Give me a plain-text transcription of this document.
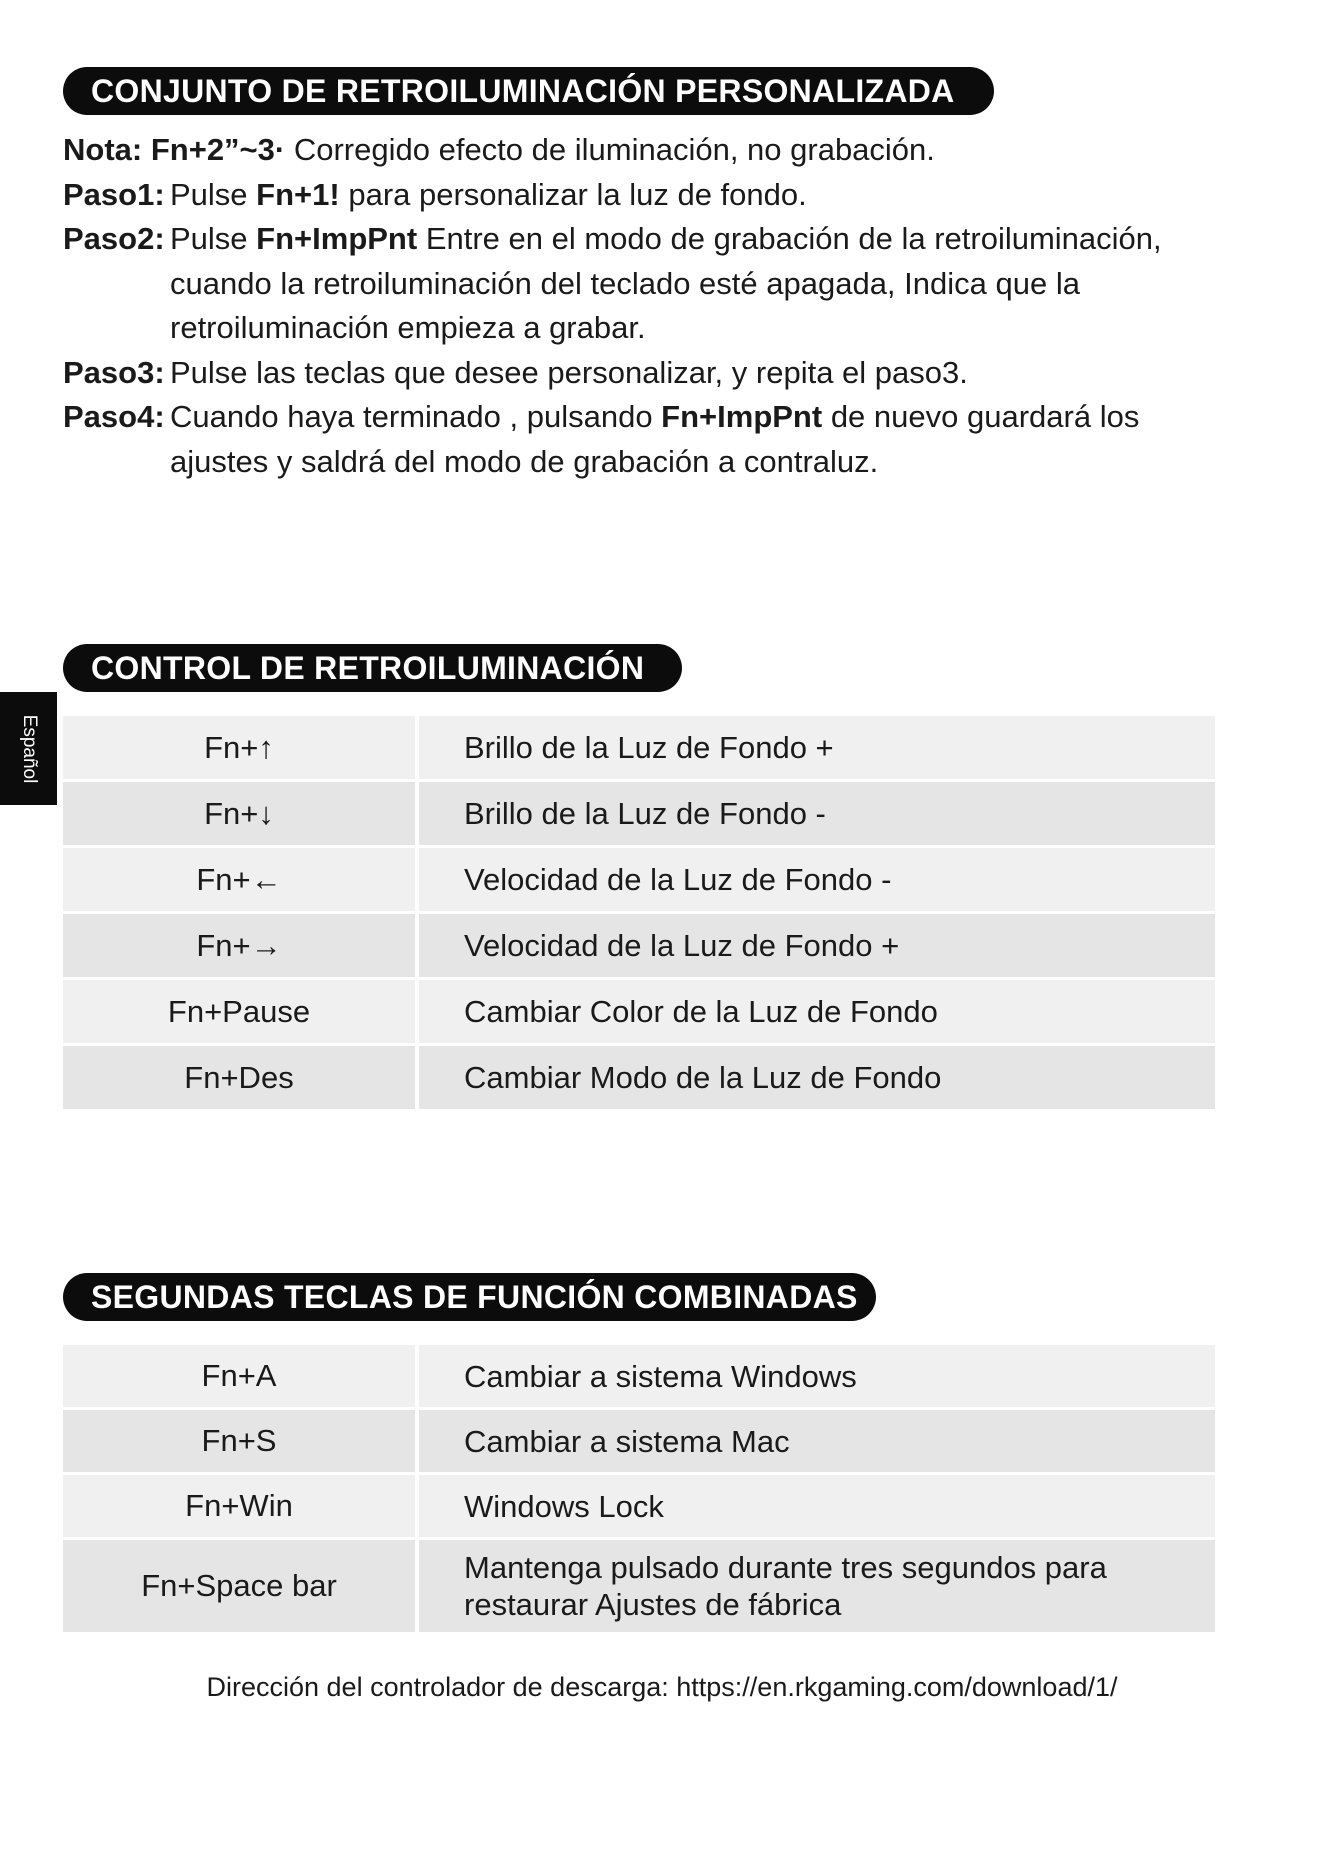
CONJUNTO DE RETROILUMINACIÓN PERSONALIZADA
Nota: Fn+2”~3· Corregido efecto de iluminación, no grabación.
Paso1: Pulse Fn+1! para personalizar la luz de fondo.
Paso2: Pulse Fn+ImpPnt Entre en el modo de grabación de la retroiluminación,
cuando la retroiluminación del teclado esté apagada, Indica que la
retroiluminación empieza a grabar.
Paso3: Pulse las teclas que desee personalizar, y repita el paso3.
Paso4: Cuando haya terminado , pulsando Fn+ImpPnt de nuevo guardará los
ajustes y saldrá del modo de grabación a contraluz.
Español
CONTROL DE RETROILUMINACIÓN
Fn+↑	Brillo de la Luz de Fondo +
Fn+↓	Brillo de la Luz de Fondo -
Fn+←	Velocidad de la Luz de Fondo -
Fn+→	Velocidad de la Luz de Fondo +
Fn+Pause	Cambiar Color de la Luz de Fondo
Fn+Des	Cambiar Modo de la Luz de Fondo
SEGUNDAS TECLAS DE FUNCIÓN COMBINADAS
Fn+A	Cambiar a sistema Windows
Fn+S	Cambiar a sistema Mac
Fn+Win	Windows Lock
Fn+Space bar	Mantenga pulsado durante tres segundos para
restaurar Ajustes de fábrica
Dirección del controlador de descarga: https://en.rkgaming.com/download/1/
